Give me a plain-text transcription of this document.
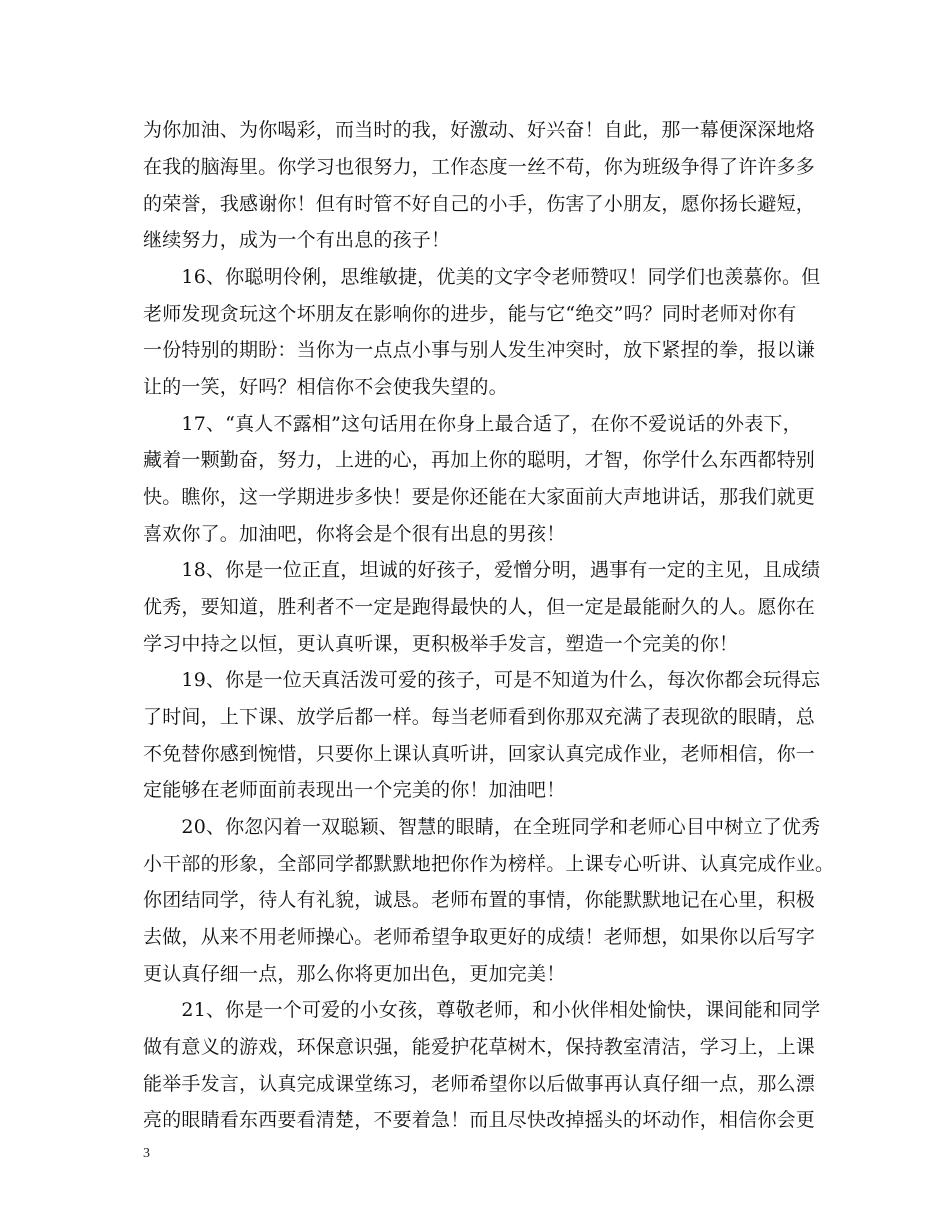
为你加油、为你喝彩，而当时的我，好激动、好兴奋！自此，那一幕便深深地烙
在我的脑海里。你学习也很努力，工作态度一丝不苟，你为班级争得了许许多多
的荣誉，我感谢你！但有时管不好自己的小手，伤害了小朋友，愿你扬长避短，
继续努力，成为一个有出息的孩子！
　　16、你聪明伶俐，思维敏捷，优美的文字令老师赞叹！同学们也羡慕你。但
老师发现贪玩这个坏朋友在影响你的进步，能与它“绝交”吗？同时老师对你有
一份特别的期盼：当你为一点点小事与别人发生冲突时，放下紧捏的拳，报以谦
让的一笑，好吗？相信你不会使我失望的。
　　17、“真人不露相”这句话用在你身上最合适了，在你不爱说话的外表下，
藏着一颗勤奋，努力，上进的心，再加上你的聪明，才智，你学什么东西都特别
快。瞧你，这一学期进步多快！要是你还能在大家面前大声地讲话，那我们就更
喜欢你了。加油吧，你将会是个很有出息的男孩！
　　18、你是一位正直，坦诚的好孩子，爱憎分明，遇事有一定的主见，且成绩
优秀，要知道，胜利者不一定是跑得最快的人，但一定是最能耐久的人。愿你在
学习中持之以恒，更认真听课，更积极举手发言，塑造一个完美的你！
　　19、你是一位天真活泼可爱的孩子，可是不知道为什么，每次你都会玩得忘
了时间，上下课、放学后都一样。每当老师看到你那双充满了表现欲的眼睛，总
不免替你感到惋惜，只要你上课认真听讲，回家认真完成作业，老师相信，你一
定能够在老师面前表现出一个完美的你！加油吧！
　　20、你忽闪着一双聪颖、智慧的眼睛，在全班同学和老师心目中树立了优秀
小干部的形象，全部同学都默默地把你作为榜样。上课专心听讲、认真完成作业。
你团结同学，待人有礼貌，诚恳。老师布置的事情，你能默默地记在心里，积极
去做，从来不用老师操心。老师希望争取更好的成绩！老师想，如果你以后写字
更认真仔细一点，那么你将更加出色，更加完美！
　　21、你是一个可爱的小女孩，尊敬老师，和小伙伴相处愉快，课间能和同学
做有意义的游戏，环保意识强，能爱护花草树木，保持教室清洁，学习上，上课
能举手发言，认真完成课堂练习，老师希望你以后做事再认真仔细一点，那么漂
亮的眼睛看东西要看清楚，不要着急！而且尽快改掉摇头的坏动作，相信你会更
3
